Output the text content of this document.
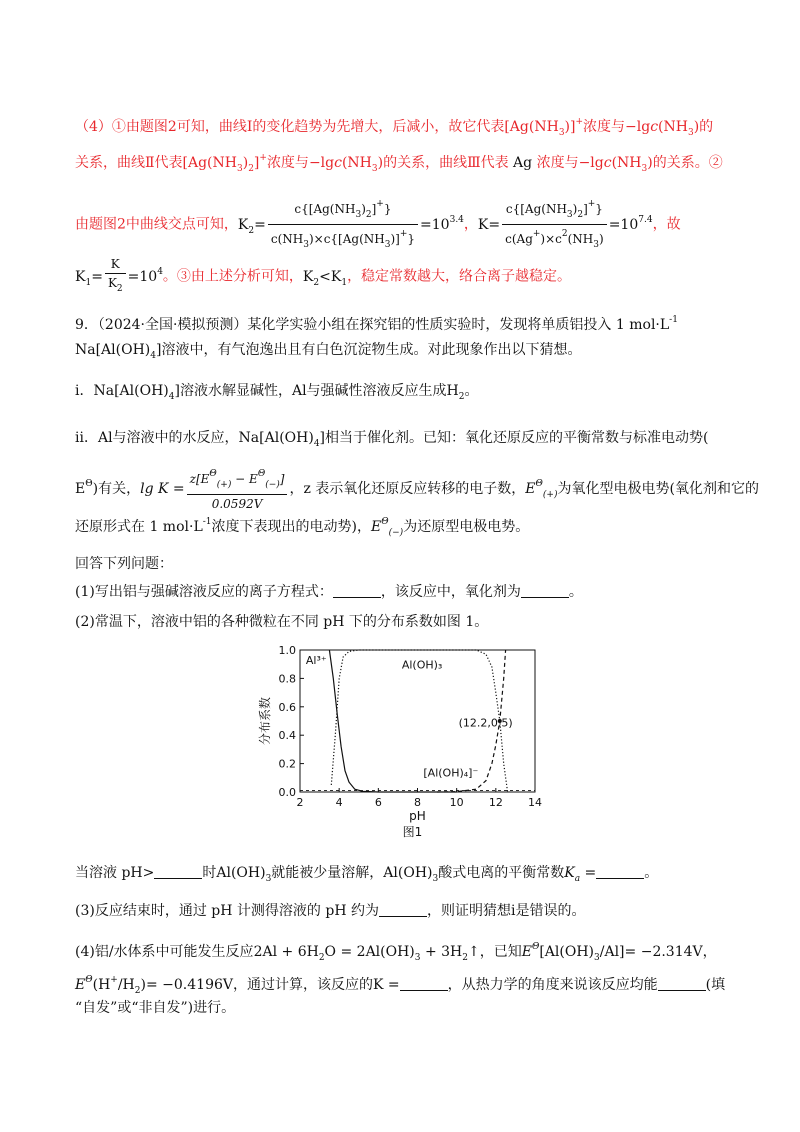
（4）①由题图2可知，曲线Ⅰ的变化趋势为先增大，后减小，故它代表$[Ag(NH_3)]^+$浓度与$-\lg c(NH_3)$的
关系，曲线Ⅱ代表$[Ag(NH_3)_2]^+$浓度与$-\lg c(NH_3)$的关系，曲线Ⅲ代表 Ag 浓度与$-\lg c(NH_3)$的关系。②
由题图2中曲线交点可知，$K_2= \frac{c\{[Ag(NH_3)_2]^+\}}{c(NH_3)\times c\{[Ag(NH_3)]^+\}} =10^{3.4}$，$K= \frac{c\{[Ag(NH_3)_2]^+\}}{c(Ag^+)\times c^2(NH_3)} =10^{7.4}$，故
$K_1= \frac{K}{K_2} =10^4$。③由上述分析可知，$K_2<K_1$，稳定常数越大，络合离子越稳定。
9．（2024·全国·模拟预测）某化学实验小组在探究铝的性质实验时，发现将单质铝投入 1 $mol\cdot L^{-1}$
$Na[Al(OH)_4]$溶液中，有气泡逸出且有白色沉淀物生成。对此现象作出以下猜想。
ⅰ．$Na[Al(OH)_4]$溶液水解显碱性，Al与强碱性溶液反应生成$H_2$。
ⅱ．Al与溶液中的水反应，$Na[Al(OH)_4]$相当于催化剂。已知：氧化还原反应的平衡常数与标准电动势(
$E^\Theta$)有关，$\lg K = \frac{z[E^\Theta_{(+)} - E^\Theta_{(-)}]}{0.0592V}$ ，z 表示氧化还原反应转移的电子数，$E^\Theta_{(+)}$为氧化型电极电势(氧化剂和它的
还原形式在 1 $mol\cdot L^{-1}$浓度下表现出的电动势)，$E^\Theta_{(-)}$为还原型电极电势。
回答下列问题：
(1)写出铝与强碱溶液反应的离子方程式：	，该反应中，氧化剂为	。
(2)常温下，溶液中铝的各种微粒在不同 pH 下的分布系数如图 1。
2	4	6	8	10 12 14
0.0
0.2
0.4
0.6
0.8
1.0
Al³⁺	Al(OH)₃
(12.2,0.5)
[Al(OH)₄]⁻
pH
分布系数
图1
当溶液 pH>	时$Al(OH)_3$就能被少量溶解，$Al(OH)_3$酸式电离的平衡常数$K_a$ =	。
(3)反应结束时，通过 pH 计测得溶液的 pH 约为	，则证明猜想ⅰ是错误的。
(4)铝/水体系中可能发生反应$2Al + 6H_2O = 2Al(OH)_3$ + $3H_2↑$，已知$E^\Theta[Al(OH)_3/Al]= -2.314V$，
$E^\Theta(H^+/H_2)= -0.4196V$，通过计算，该反应的K =	，从热力学的角度来说该反应均能	(填
“自发”或“非自发”)进行。
